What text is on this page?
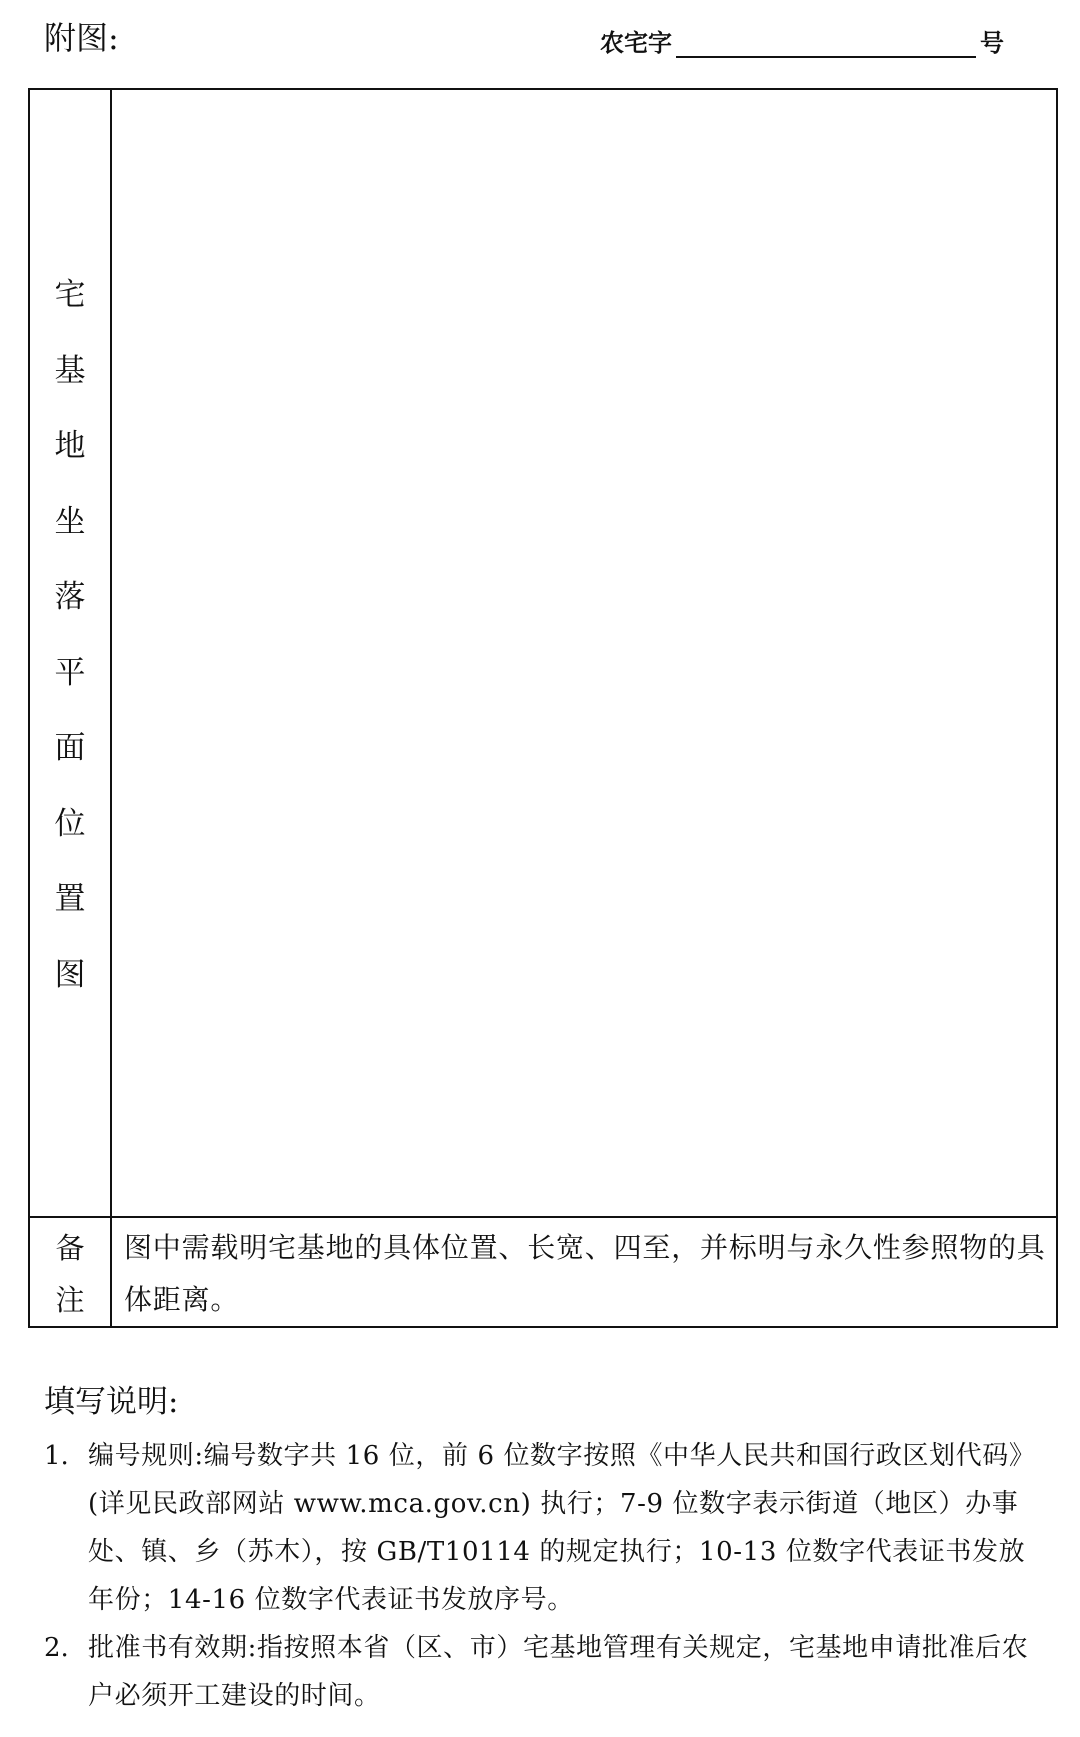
附图:	农宅字	号
宅
基
地
坐
落
平
面
位
置
图
备
注
图中需载明宅基地的具体位置、长宽、四至，并标明与永久性参照物的具体距离。
填写说明:
1. 编号规则:编号数字共 16 位，前 6 位数字按照《中华人民共和国行政区划代码》(详见民政部网站 www.mca.gov.cn) 执行；7-9 位数字表示街道（地区）办事处、镇、乡（苏木），按 GB/T10114 的规定执行；10-13 位数字代表证书发放年份；14-16 位数字代表证书发放序号。
2. 批准书有效期:指按照本省（区、市）宅基地管理有关规定，宅基地申请批准后农户必须开工建设的时间。
